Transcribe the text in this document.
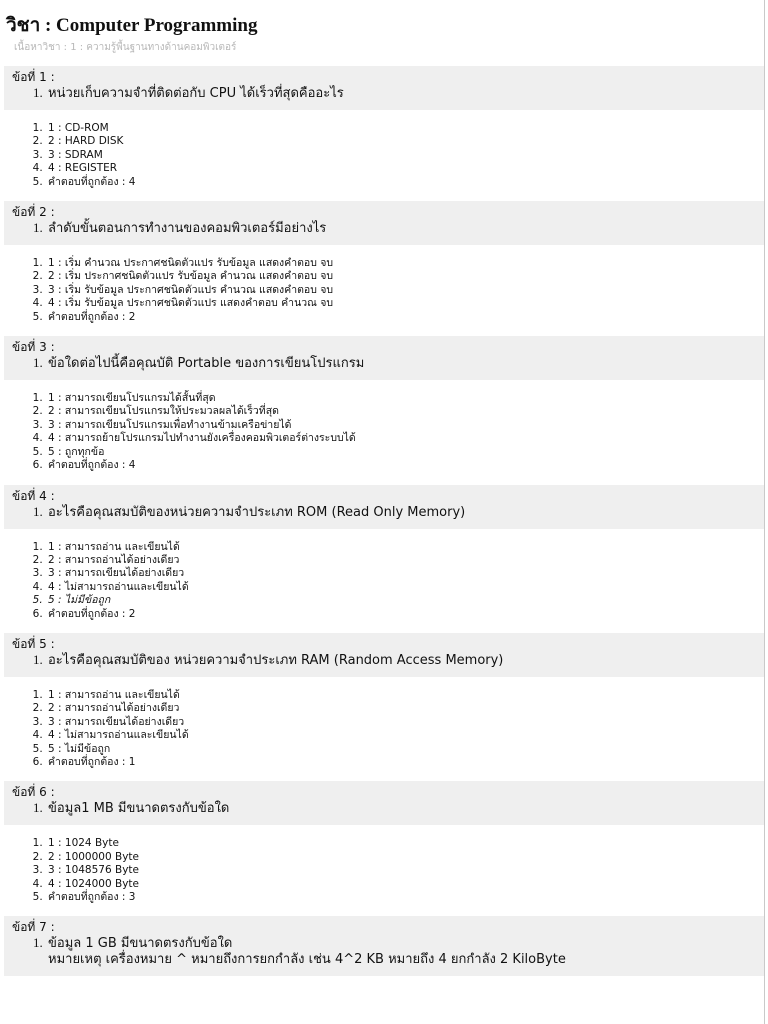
วิชา : Computer Programming
เนื้อหาวิชา : 1 : ความรู้พื้นฐานทางด้านคอมพิวเตอร์
ข้อที่ 1 :
1. หน่วยเก็บความจำที่ติดต่อกับ CPU ได้เร็วที่สุดคืออะไร
1. 1 : CD-ROM
2. 2 : HARD DISK
3. 3 : SDRAM
4. 4 : REGISTER
5. คำตอบที่ถูกต้อง : 4
ข้อที่ 2 :
1. ลำดับขั้นตอนการทำงานของคอมพิวเตอร์มีอย่างไร
1. 1 : เริ่ม คำนวณ ประกาศชนิดตัวแปร รับข้อมูล แสดงคำตอบ จบ
2. 2 : เริ่ม ประกาศชนิดตัวแปร รับข้อมูล คำนวณ แสดงคำตอบ จบ
3. 3 : เริ่ม รับข้อมูล ประกาศชนิดตัวแปร คำนวณ แสดงคำตอบ จบ
4. 4 : เริ่ม รับข้อมูล ประกาศชนิดตัวแปร แสดงคำตอบ คำนวณ จบ
5. คำตอบที่ถูกต้อง : 2
ข้อที่ 3 :
1. ข้อใดต่อไปนี้คือคุณบัติ Portable ของการเขียนโปรแกรม
1. 1 : สามารถเขียนโปรแกรมได้สั้นที่สุด
2. 2 : สามารถเขียนโปรแกรมให้ประมวลผลได้เร็วที่สุด
3. 3 : สามารถเขียนโปรแกรมเพื่อทำงานข้ามเครือข่ายได้
4. 4 : สามารถย้ายโปรแกรมไปทำงานยังเครื่องคอมพิวเตอร์ต่างระบบได้
5. 5 : ถูกทุกข้อ
6. คำตอบที่ถูกต้อง : 4
ข้อที่ 4 :
1. อะไรคือคุณสมบัติของหน่วยความจำประเภท ROM (Read Only Memory)
1. 1 : สามารถอ่าน และเขียนได้
2. 2 : สามารถอ่านได้อย่างเดียว
3. 3 : สามารถเขียนได้อย่างเดียว
4. 4 : ไม่สามารถอ่านและเขียนได้
5. 5 : ไม่มีข้อถูก
6. คำตอบที่ถูกต้อง : 2
ข้อที่ 5 :
1. อะไรคือคุณสมบัติของ หน่วยความจำประเภท RAM (Random Access Memory)
1. 1 : สามารถอ่าน และเขียนได้
2. 2 : สามารถอ่านได้อย่างเดียว
3. 3 : สามารถเขียนได้อย่างเดียว
4. 4 : ไม่สามารถอ่านและเขียนได้
5. 5 : ไม่มีข้อถูก
6. คำตอบที่ถูกต้อง : 1
ข้อที่ 6 :
1. ข้อมูล1 MB มีขนาดตรงกับข้อใด
1. 1 : 1024 Byte
2. 2 : 1000000 Byte
3. 3 : 1048576 Byte
4. 4 : 1024000 Byte
5. คำตอบที่ถูกต้อง : 3
ข้อที่ 7 :
1. ข้อมูล 1 GB มีขนาดตรงกับข้อใด
หมายเหตุ เครื่องหมาย ^ หมายถึงการยกกำลัง เช่น 4^2 KB หมายถึง 4 ยกกำลัง 2 KiloByte
